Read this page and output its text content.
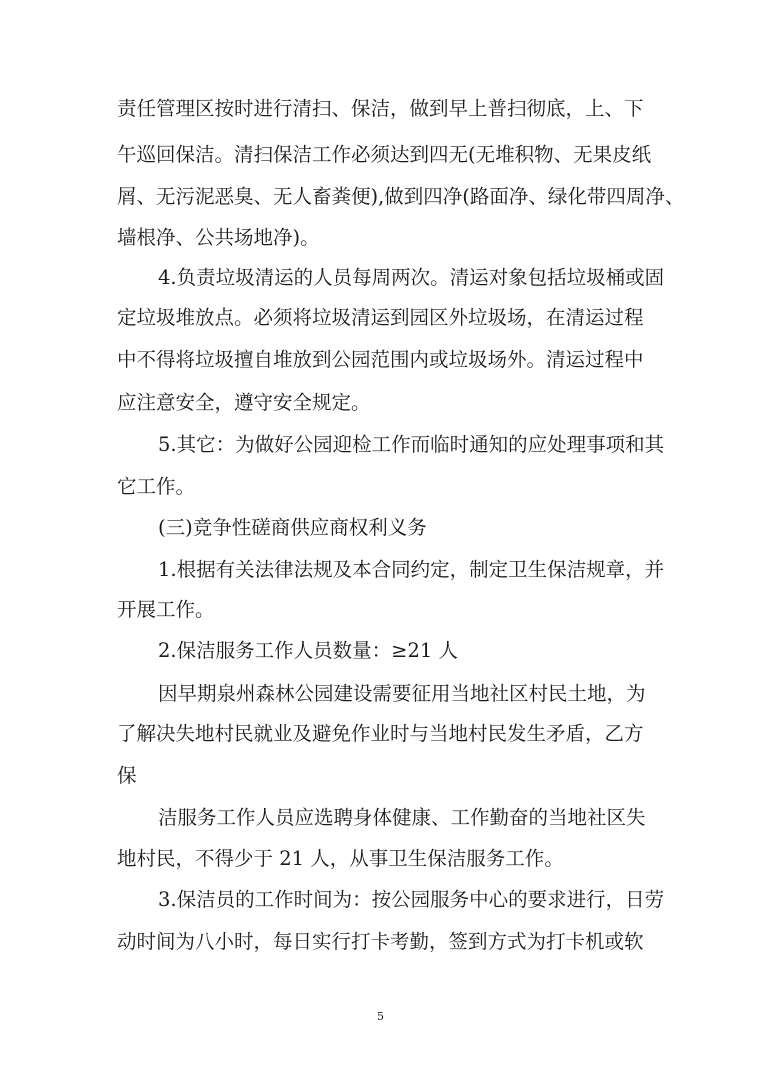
责任管理区按时进行清扫、保洁，做到早上普扫彻底，上、下
午巡回保洁。清扫保洁工作必须达到四无(无堆积物、无果皮纸
屑、无污泥恶臭、无人畜粪便),做到四净(路面净、绿化带四周净、
墙根净、公共场地净)。
4.负责垃圾清运的人员每周两次。清运对象包括垃圾桶或固
定垃圾堆放点。必须将垃圾清运到园区外垃圾场，在清运过程
中不得将垃圾擅自堆放到公园范围内或垃圾场外。清运过程中
应注意安全，遵守安全规定。
5.其它：为做好公园迎检工作而临时通知的应处理事项和其
它工作。
(三)竞争性磋商供应商权利义务
1.根据有关法律法规及本合同约定，制定卫生保洁规章，并
开展工作。
2.保洁服务工作人员数量：≥21 人
因早期泉州森林公园建设需要征用当地社区村民土地，为
了解决失地村民就业及避免作业时与当地村民发生矛盾，乙方
保
洁服务工作人员应选聘身体健康、工作勤奋的当地社区失
地村民，不得少于 21 人，从事卫生保洁服务工作。
3.保洁员的工作时间为：按公园服务中心的要求进行，日劳
动时间为八小时，每日实行打卡考勤，签到方式为打卡机或软
5
